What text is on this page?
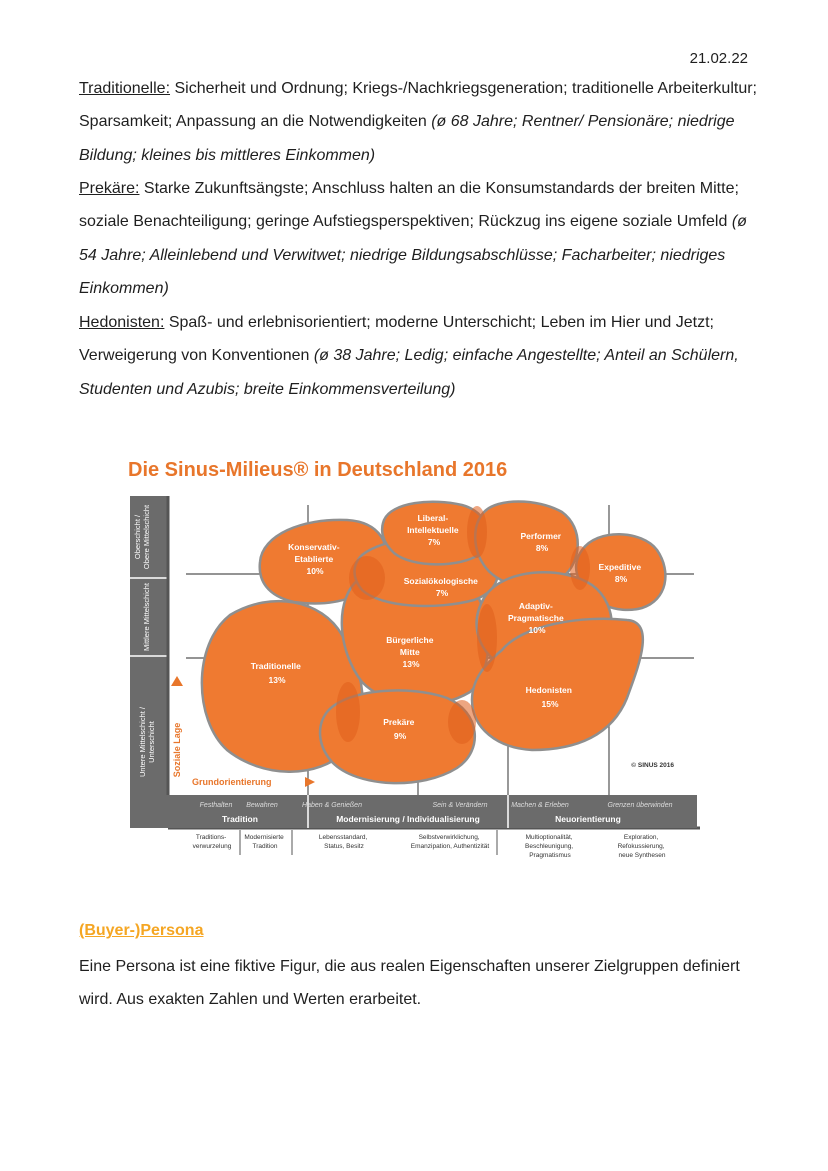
21.02.22
Traditionelle: Sicherheit und Ordnung; Kriegs-/Nachkriegsgeneration; traditionelle Arbeiterkultur; Sparsamkeit; Anpassung an die Notwendigkeiten (ø 68 Jahre; Rentner/ Pensionäre; niedrige Bildung; kleines bis mittleres Einkommen)
Prekäre: Starke Zukunftsängste; Anschluss halten an die Konsumstandards der breiten Mitte; soziale Benachteiligung; geringe Aufstiegsperspektiven; Rückzug ins eigene soziale Umfeld (ø 54 Jahre; Alleinlebend und Verwitwet; niedrige Bildungsabschlüsse; Facharbeiter; niedriges Einkommen)
Hedonisten: Spaß- und erlebnisorientiert; moderne Unterschicht; Leben im Hier und Jetzt; Verweigerung von Konventionen (ø 38 Jahre; Ledig; einfache Angestellte; Anteil an Schülern, Studenten und Azubis; breite Einkommensverteilung)
Die Sinus-Milieus® in Deutschland 2016
Oberschicht /Obere Mittelschicht
Mittlere Mittelschicht
Untere Mittelschicht /Unterschicht Soziale Lage
Grundorientierung
Konservativ- Etablierte 10%
Liberal- Intellektuelle 7%
Performer 8%
Expeditive 8%
Sozialökologische 7%
Adaptiv- Pragmatische 10%
Bürgerliche Mitte 13%
Traditionelle 13%
Hedonisten 15%
Prekäre 9%
© SINUS 2016
Festhalten Bewahren	Haben & Genießen	Sein & Verändern	Machen & Erleben	Grenzen überwinden
Tradition	Modernisierung / Individualisierung	Neuorientierung
Traditions- verwurzelung
Modernisierte Tradition
Lebensstandard, Status, Besitz
Selbstverwirklichung, Emanzipation, Authentizität
Multioptionalität, Beschleunigung, Pragmatismus
Exploration, Refokussierung, neue Synthesen
(Buyer-)Persona
Eine Persona ist eine fiktive Figur, die aus realen Eigenschaften unserer Zielgruppen definiert wird. Aus exakten Zahlen und Werten erarbeitet.
